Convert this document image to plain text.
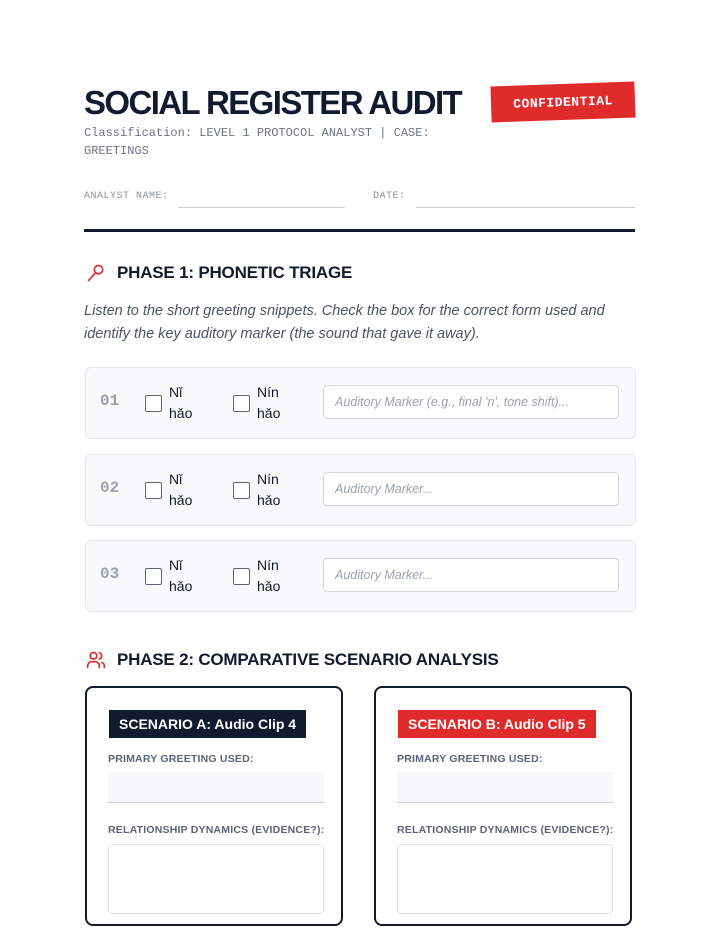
SOCIAL REGISTER AUDIT	CONFIDENTIAL
Classification: LEVEL 1 PROTOCOL ANALYST | CASE: GREETINGS
ANALYST NAME:	DATE:
PHASE 1: PHONETIC TRIAGE
Listen to the short greeting snippets. Check the box for the correct form used and identify the key auditory marker (the sound that gave it away).
01	Nǐ hǎo
Nín hǎo
Auditory Marker (e.g., final 'n', tone shift)...
02	Nǐ hǎo
Nín hǎo
Auditory Marker...
03	Nǐ hǎo
Nín hǎo
Auditory Marker...
PHASE 2: COMPARATIVE SCENARIO ANALYSIS
SCENARIO A: Audio Clip 4
PRIMARY GREETING USED:
RELATIONSHIP DYNAMICS (EVIDENCE?):
SCENARIO B: Audio Clip 5
PRIMARY GREETING USED:
RELATIONSHIP DYNAMICS (EVIDENCE?):
